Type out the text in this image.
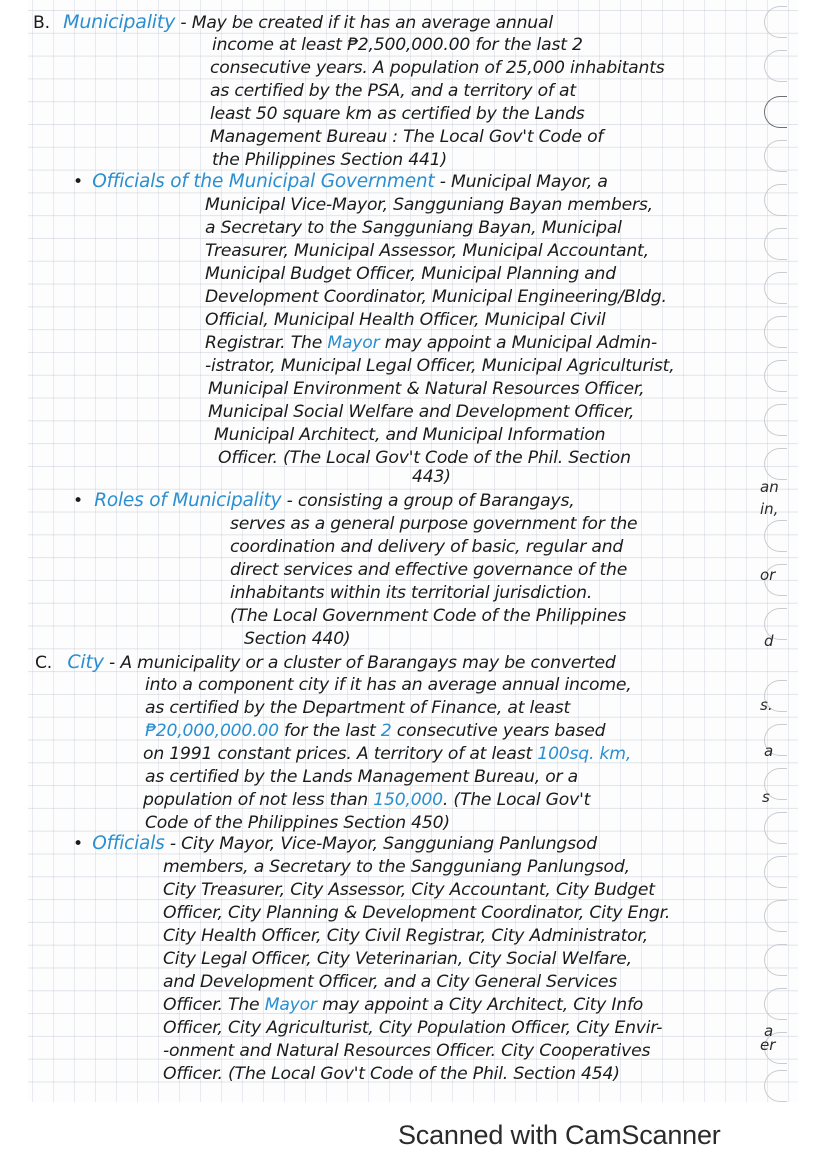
an
in,
or
d
s.
a
s
a
er
B. Municipality - May be created if it has an average annual
income at least ₱2,500,000.00 for the last 2
consecutive years. A population of 25,000 inhabitants
as certified by the PSA, and a territory of at
least 50 square km as certified by the Lands
Management Bureau : The Local Gov't Code of
the Philippines Section 441)
• Officials of the Municipal Government - Municipal Mayor, a
Municipal Vice-Mayor, Sangguniang Bayan members,
a Secretary to the Sangguniang Bayan, Municipal
Treasurer, Municipal Assessor, Municipal Accountant,
Municipal Budget Officer, Municipal Planning and
Development Coordinator, Municipal Engineering/Bldg.
Official, Municipal Health Officer, Municipal Civil
Registrar. The Mayor may appoint a Municipal Admin-
-istrator, Municipal Legal Officer, Municipal Agriculturist,
Municipal Environment & Natural Resources Officer,
Municipal Social Welfare and Development Officer,
Municipal Architect, and Municipal Information
Officer. (The Local Gov't Code of the Phil. Section
443)
• Roles of Municipality - consisting a group of Barangays,
serves as a general purpose government for the
coordination and delivery of basic, regular and
direct services and effective governance of the
inhabitants within its territorial jurisdiction.
(The Local Government Code of the Philippines
Section 440)
C. City - A municipality or a cluster of Barangays may be converted
into a component city if it has an average annual income,
as certified by the Department of Finance, at least
₱20,000,000.00 for the last 2 consecutive years based
on 1991 constant prices. A territory of at least 100sq. km,
as certified by the Lands Management Bureau, or a
population of not less than 150,000. (The Local Gov't
Code of the Philippines Section 450)
• Officials - City Mayor, Vice-Mayor, Sangguniang Panlungsod
members, a Secretary to the Sangguniang Panlungsod,
City Treasurer, City Assessor, City Accountant, City Budget
Officer, City Planning & Development Coordinator, City Engr.
City Health Officer, City Civil Registrar, City Administrator,
City Legal Officer, City Veterinarian, City Social Welfare,
and Development Officer, and a City General Services
Officer. The Mayor may appoint a City Architect, City Info
Officer, City Agriculturist, City Population Officer, City Envir-
-onment and Natural Resources Officer. City Cooperatives
Officer. (The Local Gov't Code of the Phil. Section 454)
Scanned with CamScanner
